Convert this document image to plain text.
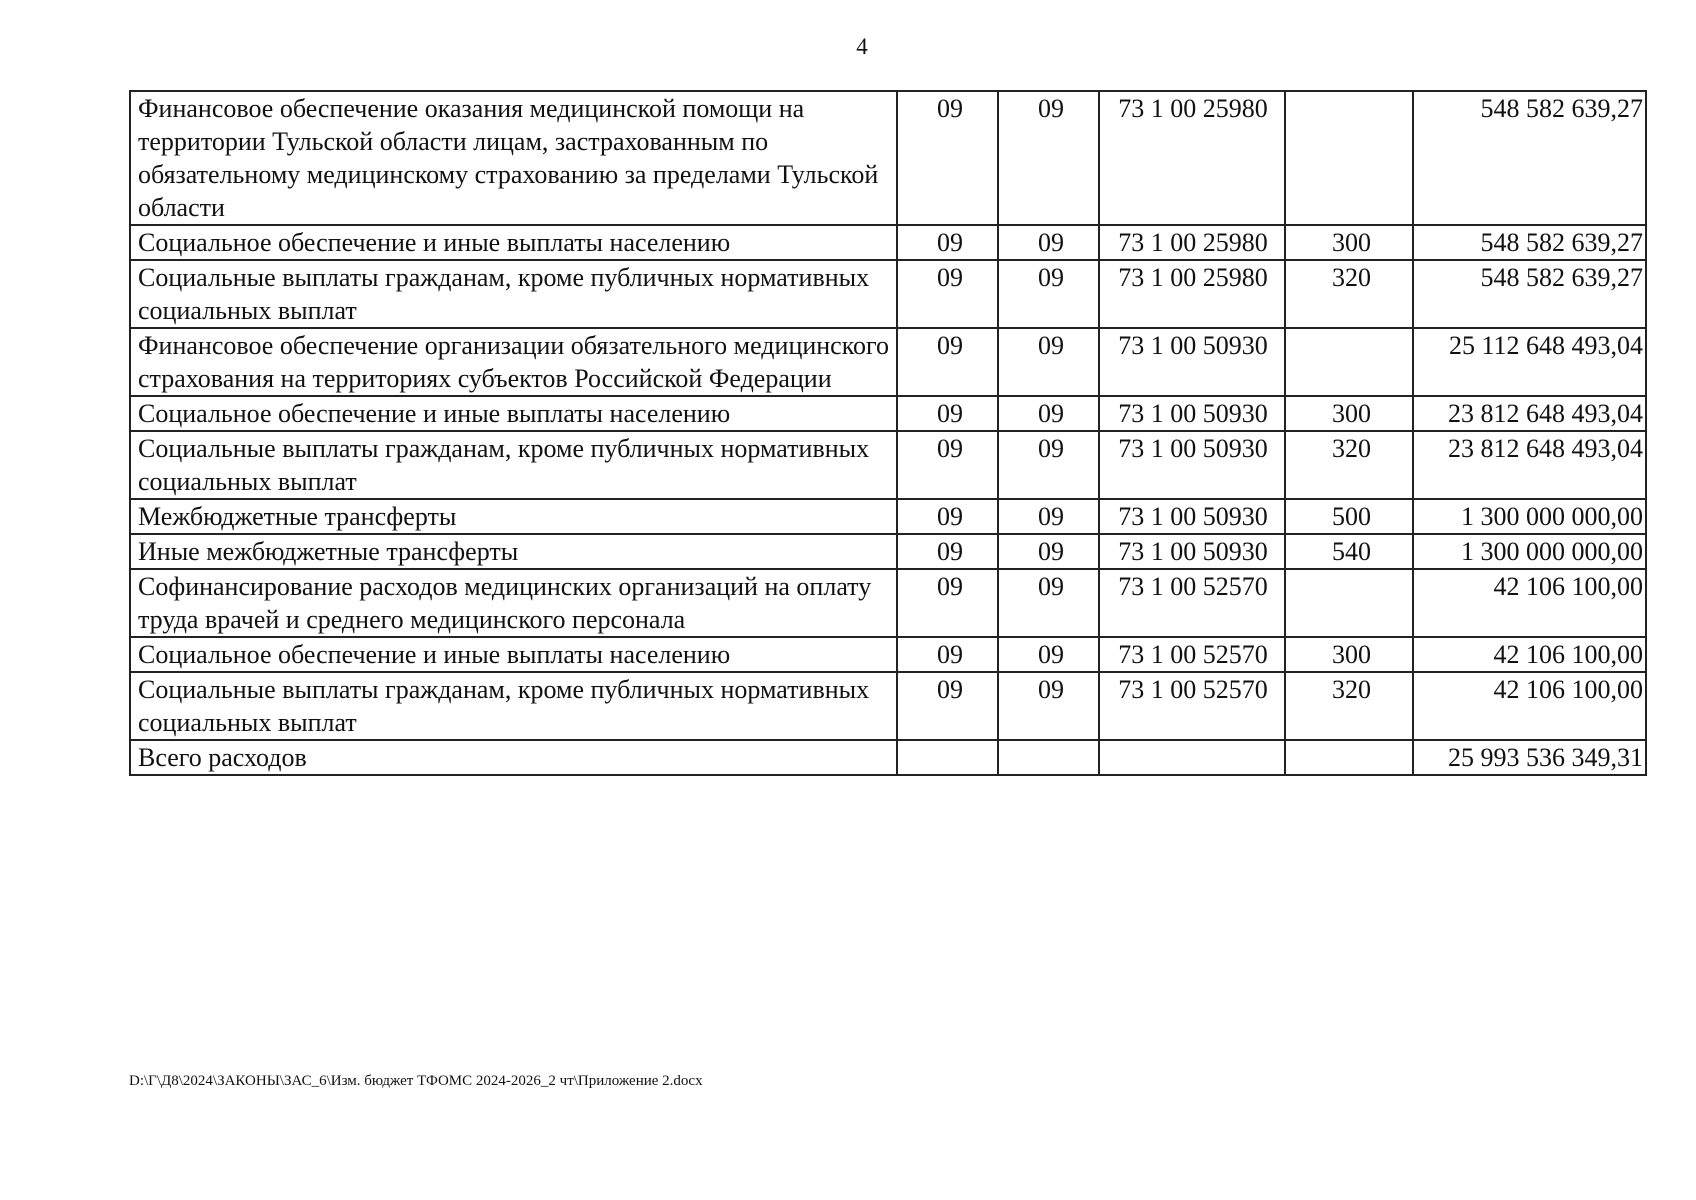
4
Финансовое обеспечение оказания медицинской помощи на территории Тульской области лицам, застрахованным по обязательному медицинскому страхованию за пределами Тульской области	09	09	73 1 00 25980		548 582 639,27
Социальное обеспечение и иные выплаты населению	09	09	73 1 00 25980	300	548 582 639,27
Социальные выплаты гражданам, кроме публичных нормативных социальных выплат	09	09	73 1 00 25980	320	548 582 639,27
Финансовое обеспечение организации обязательного медицинского страхования на территориях субъектов Российской Федерации	09	09	73 1 00 50930		25 112 648 493,04
Социальное обеспечение и иные выплаты населению	09	09	73 1 00 50930	300	23 812 648 493,04
Социальные выплаты гражданам, кроме публичных нормативных социальных выплат	09	09	73 1 00 50930	320	23 812 648 493,04
Межбюджетные трансферты	09	09	73 1 00 50930	500	1 300 000 000,00
Иные межбюджетные трансферты	09	09	73 1 00 50930	540	1 300 000 000,00
Софинансирование расходов медицинских организаций на оплату труда врачей и среднего медицинского персонала	09	09	73 1 00 52570		42 106 100,00
Социальное обеспечение и иные выплаты населению	09	09	73 1 00 52570	300	42 106 100,00
Социальные выплаты гражданам, кроме публичных нормативных социальных выплат	09	09	73 1 00 52570	320	42 106 100,00
Всего расходов					25 993 536 349,31
D:\Г\Д8\2024\ЗАКОНЫ\ЗАС_6\Изм. бюджет ТФОМС 2024-2026_2 чт\Приложение 2.docx
